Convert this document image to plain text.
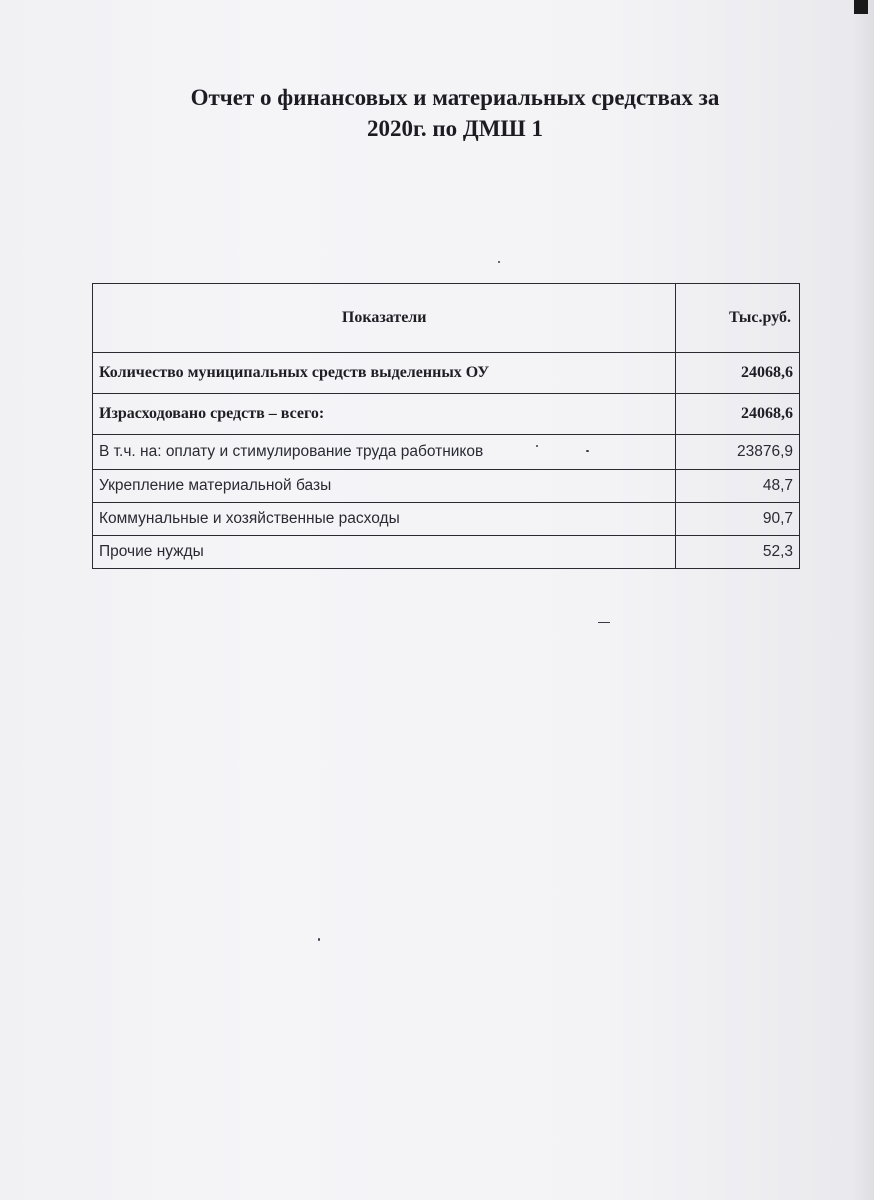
Отчет о финансовых и материальных средствах за
2020г. по ДМШ 1
Показатели	Тыс.руб.
Количество муниципальных средств выделенных ОУ	24068,6
Израсходовано средств – всего:	24068,6
В т.ч. на: оплату и стимулирование труда работников	23876,9
Укрепление материальной базы	48,7
Коммунальные и хозяйственные расходы	90,7
Прочие нужды	52,3
